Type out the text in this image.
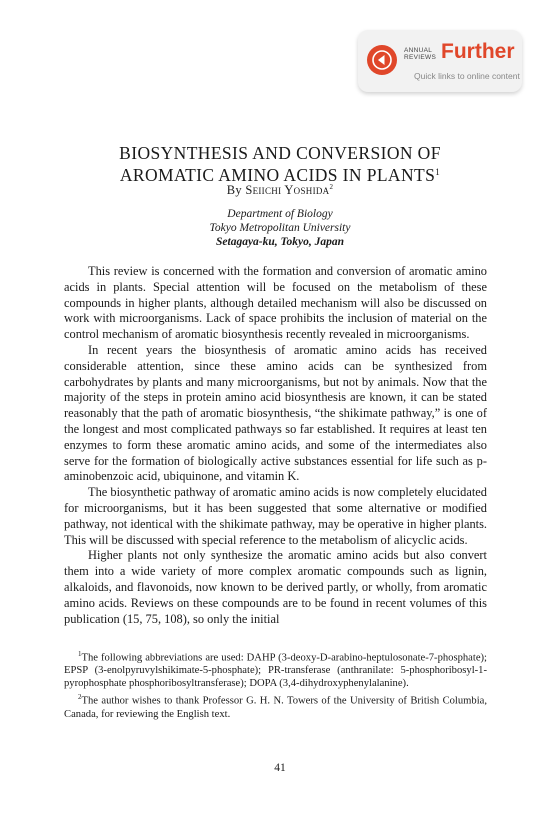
ANNUAL
REVIEWS Further
Quick links to online content
BIOSYNTHESIS AND CONVERSION OF
AROMATIC AMINO ACIDS IN PLANTS$^1$
By Seiichi Yoshida$^2$
Department of Biology
Tokyo Metropolitan University
Setagaya-ku, Tokyo, Japan

This review is concerned with the formation and conversion of aromatic amino acids in plants. Special attention will be focused on the metabolism of these compounds in higher plants, although detailed mechanism will also be discussed on work with microorganisms. Lack of space prohibits the inclusion of material on the control mechanism of aromatic biosynthesis recently revealed in microorganisms.

In recent years the biosynthesis of aromatic amino acids has received considerable attention, since these amino acids can be synthesized from carbohydrates by plants and many microorganisms, but not by animals. Now that the majority of the steps in protein amino acid biosynthesis are known, it can be stated reasonably that the path of aromatic biosynthesis, “the shikimate pathway,” is one of the longest and most complicated pathways so far established. It requires at least ten enzymes to form these aromatic amino acids, and some of the intermediates also serve for the formation of biologically active substances essential for life such as p-aminobenzoic acid, ubiquinone, and vitamin K.

The biosynthetic pathway of aromatic amino acids is now completely elucidated for microorganisms, but it has been suggested that some alternative or modified pathway, not identical with the shikimate pathway, may be operative in higher plants. This will be discussed with special reference to the metabolism of alicyclic acids.

Higher plants not only synthesize the aromatic amino acids but also convert them into a wide variety of more complex aromatic compounds such as lignin, alkaloids, and flavonoids, now known to be derived partly, or wholly, from aromatic amino acids. Reviews on these compounds are to be found in recent volumes of this publication (15, 75, 108), so only the initial

$^1$The following abbreviations are used: DAHP (3-deoxy-D-arabino-heptulosonate-7-phosphate); EPSP (3-enolpyruvylshikimate-5-phosphate); PR-transferase (anthranilate: 5-phosphoribosyl-1-pyrophosphate phosphoribosyltransferase); DOPA (3,4-dihydroxyphenylalanine).

$^2$The author wishes to thank Professor G. H. N. Towers of the University of British Columbia, Canada, for reviewing the English text.

41
